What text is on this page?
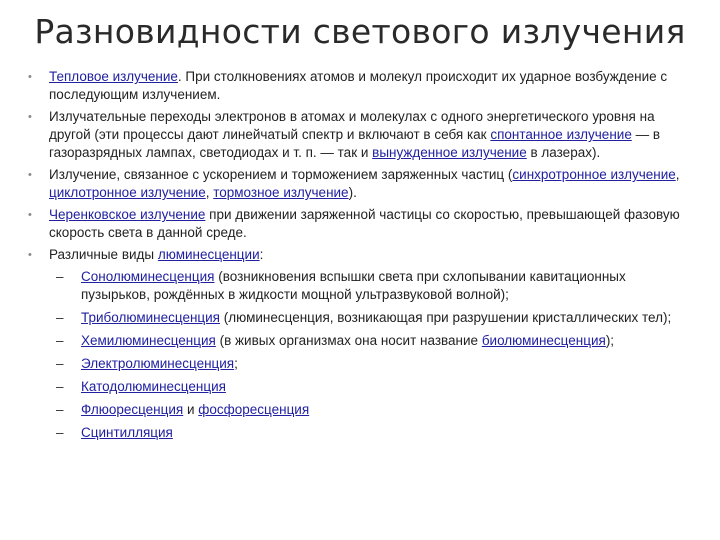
Разновидности светового излучения
•	Тепловое излучение. При столкновениях атомов и молекул происходит их ударное возбуждение с последующим излучением.
•	Излучательные переходы электронов в атомах и молекулах с одного энергетического уровня на другой (эти процессы дают линейчатый спектр и включают в себя как спонтанное излучение — в газоразрядных лампах, светодиодах и т. п. — так и вынужденное излучение в лазерах).
•	Излучение, связанное с ускорением и торможением заряженных частиц (синхротронное излучение, циклотронное излучение, тормозное излучение).
•	Черенковское излучение при движении заряженной частицы со скоростью, превышающей фазовую скорость света в данной среде.
•	Различные виды люминесценции:
– Сонолюминесценция (возникновения вспышки света при схлопывании кавитационных пузырьков, рождённых в жидкости мощной ультразвуковой волной);
– Триболюминесценция (люминесценция, возникающая при разрушении кристаллических тел);
– Хемилюминесценция (в живых организмах она носит название биолюминесценция);
– Электролюминесценция;
– Катодолюминесценция
– Флюоресценция и фосфоресценция
– Сцинтилляция
